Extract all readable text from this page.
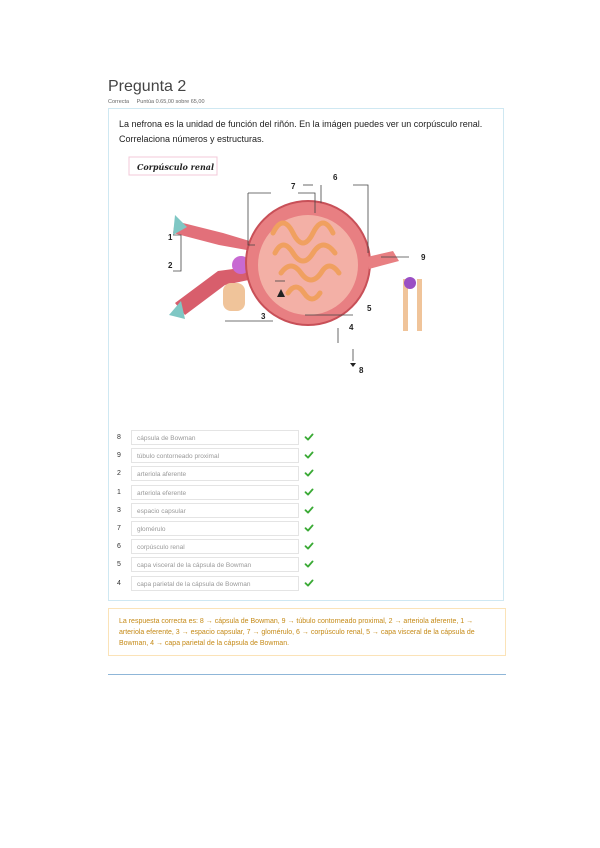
Pregunta 2
Correcta Puntúa 0.65,00 sobre 65,00
La nefrona es la unidad de función del riñón. En la imágen puedes ver un corpúsculo renal. Correlaciona números y estructuras.
Corpúsculo renal
1
2
3
4
5
6
7
8
9
8	cápsula de Bowman
9	túbulo contorneado proximal
2	arteriola aferente
1	arteriola eferente
3	espacio capsular
7	glomérulo
6	corpúsculo renal
5	capa visceral de la cápsula de Bowman
4	capa parietal de la cápsula de Bowman
La respuesta correcta es: 8 → cápsula de Bowman, 9 → túbulo contorneado proximal, 2 → arteriola aferente, 1 → arteriola eferente, 3 → espacio capsular, 7 → glomérulo, 6 → corpúsculo renal, 5 → capa visceral de la cápsula de Bowman, 4 → capa parietal de la cápsula de Bowman.
